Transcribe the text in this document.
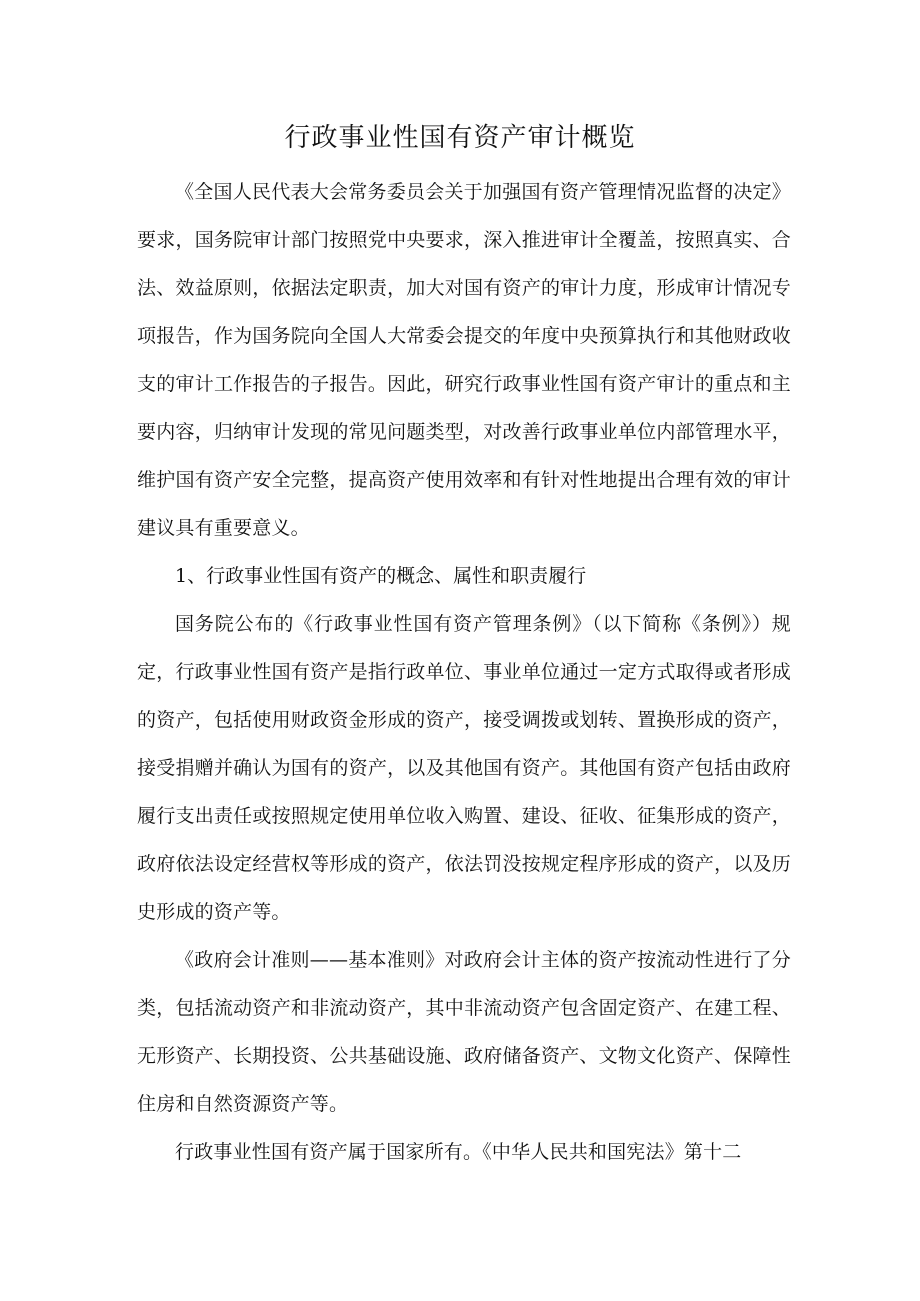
行政事业性国有资产审计概览

《全国人民代表大会常务委员会关于加强国有资产管理情况监督的决定》要求，国务院审计部门按照党中央要求，深入推进审计全覆盖，按照真实、合法、效益原则，依据法定职责，加大对国有资产的审计力度，形成审计情况专项报告，作为国务院向全国人大常委会提交的年度中央预算执行和其他财政收支的审计工作报告的子报告。因此，研究行政事业性国有资产审计的重点和主要内容，归纳审计发现的常见问题类型，对改善行政事业单位内部管理水平，维护国有资产安全完整，提高资产使用效率和有针对性地提出合理有效的审计建议具有重要意义。

1、行政事业性国有资产的概念、属性和职责履行

国务院公布的《行政事业性国有资产管理条例》（以下简称《条例》）规定，行政事业性国有资产是指行政单位、事业单位通过一定方式取得或者形成的资产，包括使用财政资金形成的资产，接受调拨或划转、置换形成的资产，接受捐赠并确认为国有的资产，以及其他国有资产。其他国有资产包括由政府履行支出责任或按照规定使用单位收入购置、建设、征收、征集形成的资产，政府依法设定经营权等形成的资产，依法罚没按规定程序形成的资产，以及历史形成的资产等。

《政府会计准则——基本准则》对政府会计主体的资产按流动性进行了分类，包括流动资产和非流动资产，其中非流动资产包含固定资产、在建工程、无形资产、长期投资、公共基础设施、政府储备资产、文物文化资产、保障性住房和自然资源资产等。

行政事业性国有资产属于国家所有。《中华人民共和国宪法》第十二
